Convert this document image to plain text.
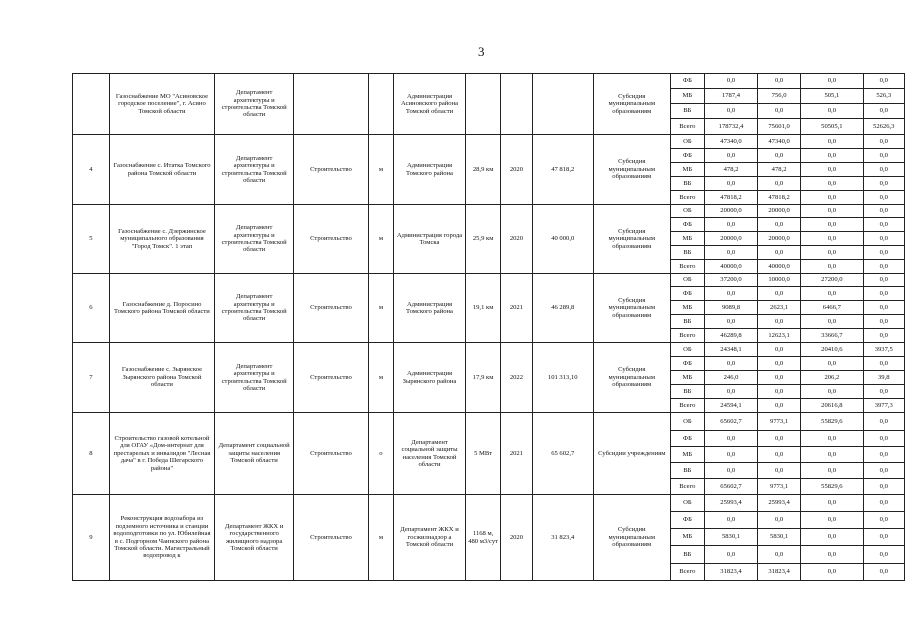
3
	Газоснабжение МО "Асиновское городское поселение", г. Асино Томской области	Департамент архитектуры и строительства Томской области			Администрация Асиновского района Томской области				Субсидия муниципальным образованиям	ФБ	0,0	0,0	0,0	0,0
										МБ	1787,4	756,0	505,1	526,3
										ВБ	0,0	0,0	0,0	0,0
										Всего	178732,4	75601,0	50505,1	52626,3
4	Газоснабжение с. Итатка Томского района Томской области	Департамент архитектуры и строительства Томской области	Строительство	м	Администрация Томского района	28,9 км	2020	47 818,2	Субсидия муниципальным образованиям	ОБ	47340,0	47340,0	0,0	0,0
										ФБ	0,0	0,0	0,0	0,0
										МБ	478,2	478,2	0,0	0,0
										ВБ	0,0	0,0	0,0	0,0
										Всего	47818,2	47818,2	0,0	0,0
5	Газоснабжение с. Дзержинское муниципального образования "Город Томск". 1 этап	Департамент архитектуры и строительства Томской области	Строительство	м	Администрация города Томска	25,9 км	2020	40 000,0	Субсидия муниципальным образованиям	ОБ	20000,0	20000,0	0,0	0,0
										ФБ	0,0	0,0	0,0	0,0
										МБ	20000,0	20000,0	0,0	0,0
										ВБ	0,0	0,0	0,0	0,0
										Всего	40000,0	40000,0	0,0	0,0
6	Газоснабжение д. Поросино Томского района Томской области	Департамент архитектуры и строительства Томской области	Строительство	м	Администрация Томского района	19,1 км	2021	46 289,8	Субсидия муниципальным образованиям	ОБ	37200,0	10000,0	27200,0	0,0
										ФБ	0,0	0,0	0,0	0,0
										МБ	9089,8	2623,1	6466,7	0,0
										ВБ	0,0	0,0	0,0	0,0
										Всего	46289,8	12623,1	33666,7	0,0
7	Газоснабжение с. Зырянское Зырянского района Томской области	Департамент архитектуры и строительства Томской области	Строительство	м	Администрация Зырянского района	17,9 км	2022	101 313,10	Субсидия муниципальным образованиям	ОБ	24348,1	0,0	20410,6	3937,5
										ФБ	0,0	0,0	0,0	0,0
										МБ	246,0	0,0	206,2	39,8
										ВБ	0,0	0,0	0,0	0,0
										Всего	24594,1	0,0	20616,8	3977,3
8	Строительство газовой котельной для ОГАУ «Дом-интернат для престарелых и инвалидов "Лесная дача" в г. Победа Шегарского района"	Департамент социальной защиты населения Томской области	Строительство	о	Департамент социальной защиты населения Томской области	5 МВт	2021	65 602,7	Субсидии учреждениям	ОБ	65602,7	9773,1	55829,6	0,0
										ФБ	0,0	0,0	0,0	0,0
										МБ	0,0	0,0	0,0	0,0
										ВБ	0,0	0,0	0,0	0,0
										Всего	65602,7	9773,1	55829,6	0,0
9	Реконструкция водозабора из подземного источника и станции водоподготовки по ул. Юбилейная в с. Подгорном Чаинского района Томской области. Магистральный водопровод к	Департамент ЖКХ и государственного жилищного надзора Томской области	Строительство	м	Департамент ЖКХ и госжилнадзор а Томской области	1168 м, 480 м3/сут	2020	31 823,4	Субсидии муниципальным образованиям	ОБ	25993,4	25993,4	0,0	0,0
										ФБ	0,0	0,0	0,0	0,0
										МБ	5830,1	5830,1	0,0	0,0
										ВБ	0,0	0,0	0,0	0,0
										Всего	31823,4	31823,4	0,0	0,0
